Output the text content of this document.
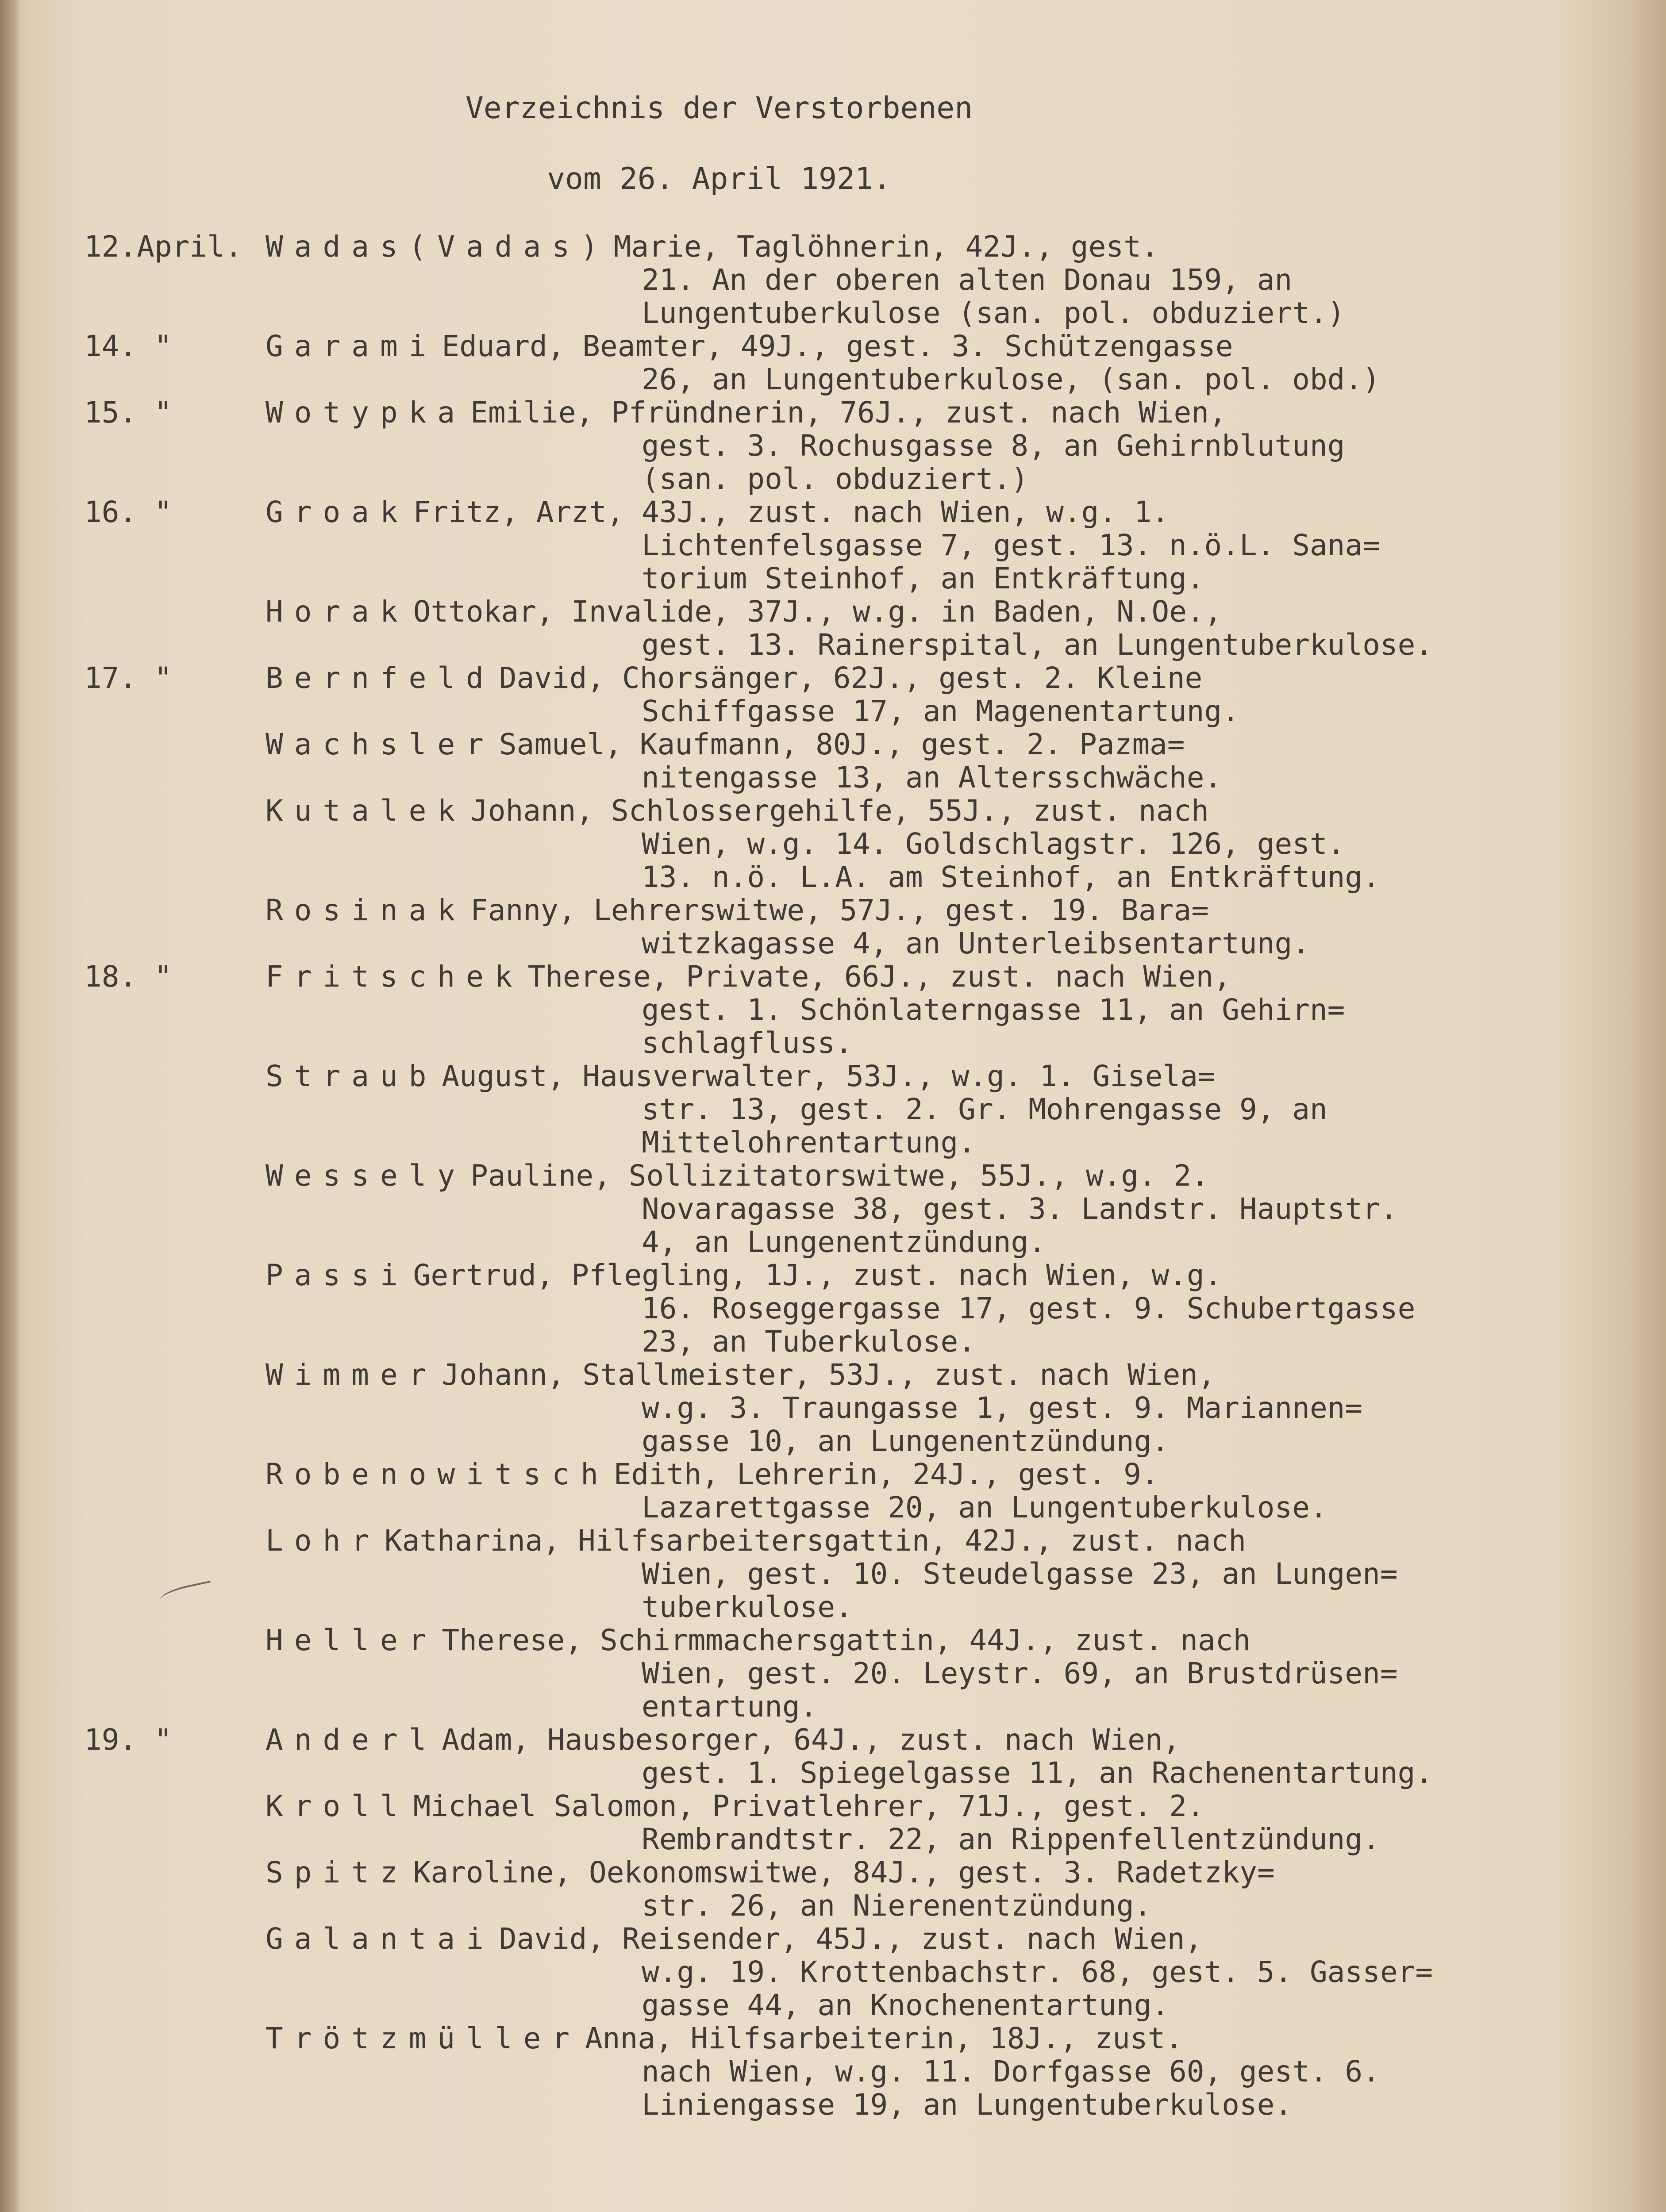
Verzeichnis der Verstorbenen
vom 26. April 1921.
12.April. Wadas(Vadas) Marie, Taglöhnerin, 42J., gest.
21. An der oberen alten Donau 159, an
Lungentuberkulose (san. pol. obduziert.)
14. "	Garami Eduard, Beamter, 49J., gest. 3. Schützengasse
26, an Lungentuberkulose, (san. pol. obd.)
15. "	Wotypka Emilie, Pfründnerin, 76J., zust. nach Wien,
gest. 3. Rochusgasse 8, an Gehirnblutung
(san. pol. obduziert.)
16. "	Groak Fritz, Arzt, 43J., zust. nach Wien, w.g. 1.
Lichtenfelsgasse 7, gest. 13. n.ö.L. Sana=
torium Steinhof, an Entkräftung.
Horak Ottokar, Invalide, 37J., w.g. in Baden, N.Oe.,
gest. 13. Rainerspital, an Lungentuberkulose.
17. "	Bernfeld David, Chorsänger, 62J., gest. 2. Kleine
Schiffgasse 17, an Magenentartung.
Wachsler Samuel, Kaufmann, 80J., gest. 2. Pazma=
nitengasse 13, an Altersschwäche.
Kutalek Johann, Schlossergehilfe, 55J., zust. nach
Wien, w.g. 14. Goldschlagstr. 126, gest.
13. n.ö. L.A. am Steinhof, an Entkräftung.
Rosinak Fanny, Lehrerswitwe, 57J., gest. 19. Bara=
witzkagasse 4, an Unterleibsentartung.
18. "	Fritschek Therese, Private, 66J., zust. nach Wien,
gest. 1. Schönlaterngasse 11, an Gehirn=
schlagfluss.
Straub August, Hausverwalter, 53J., w.g. 1. Gisela=
str. 13, gest. 2. Gr. Mohrengasse 9, an
Mittelohrentartung.
Wessely Pauline, Sollizitatorswitwe, 55J., w.g. 2.
Novaragasse 38, gest. 3. Landstr. Hauptstr.
4, an Lungenentzündung.
Passi Gertrud, Pflegling, 1J., zust. nach Wien, w.g.
16. Roseggergasse 17, gest. 9. Schubertgasse
23, an Tuberkulose.
Wimmer Johann, Stallmeister, 53J., zust. nach Wien,
w.g. 3. Traungasse 1, gest. 9. Mariannen=
gasse 10, an Lungenentzündung.
Robenowitsch Edith, Lehrerin, 24J., gest. 9.
Lazarettgasse 20, an Lungentuberkulose.
Lohr Katharina, Hilfsarbeitersgattin, 42J., zust. nach
Wien, gest. 10. Steudelgasse 23, an Lungen=
tuberkulose.
Heller Therese, Schirmmachersgattin, 44J., zust. nach
Wien, gest. 20. Leystr. 69, an Brustdrüsen=
entartung.
19. "	Anderl Adam, Hausbesorger, 64J., zust. nach Wien,
gest. 1. Spiegelgasse 11, an Rachenentartung.
Kroll Michael Salomon, Privatlehrer, 71J., gest. 2.
Rembrandtstr. 22, an Rippenfellentzündung.
Spitz Karoline, Oekonomswitwe, 84J., gest. 3. Radetzky=
str. 26, an Nierenentzündung.
Galantai David, Reisender, 45J., zust. nach Wien,
w.g. 19. Krottenbachstr. 68, gest. 5. Gasser=
gasse 44, an Knochenentartung.
Trötzmüller Anna, Hilfsarbeiterin, 18J., zust.
nach Wien, w.g. 11. Dorfgasse 60, gest. 6.
Liniengasse 19, an Lungentuberkulose.
